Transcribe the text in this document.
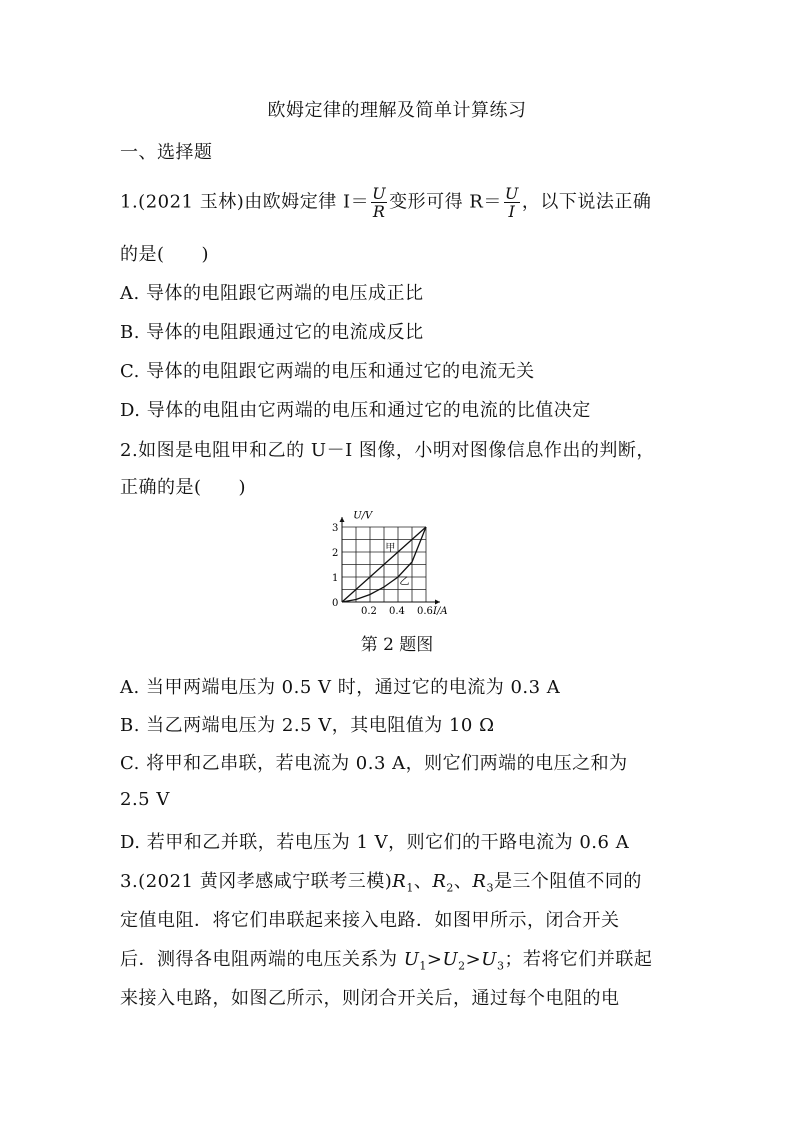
欧姆定律的理解及简单计算练习
一、选择题
1.(2021 玉林)由欧姆定律 $I= \frac{U}{R}$ 变形可得 $R= \frac{U}{I}$ ，以下说法正确
的是(　　)
A. 导体的电阻跟它两端的电压成正比
B. 导体的电阻跟通过它的电流成反比
C. 导体的电阻跟它两端的电压和通过它的电流无关
D. 导体的电阻由它两端的电压和通过它的电流的比值决定
2.如图是电阻甲和乙的 U－I 图像，小明对图像信息作出的判断，
正确的是(　　)
U/V
I/A
0
1
2
3
0.2 0.4 0.6
甲
乙
第 2 题图
A. 当甲两端电压为 0.5 V 时，通过它的电流为 0.3 A
B. 当乙两端电压为 2.5 V，其电阻值为 10 Ω
C. 将甲和乙串联，若电流为 0.3 A，则它们两端的电压之和为
2.5 V
D. 若甲和乙并联，若电压为 1 V，则它们的干路电流为 0.6 A
3.(2021 黄冈孝感咸宁联考三模)$R_1$、$R_2$、$R_3$是三个阻值不同的
定值电阻．将它们串联起来接入电路．如图甲所示，闭合开关
后．测得各电阻两端的电压关系为 $U_1>U_2>U_3$；若将它们并联起
来接入电路，如图乙所示，则闭合开关后，通过每个电阻的电
